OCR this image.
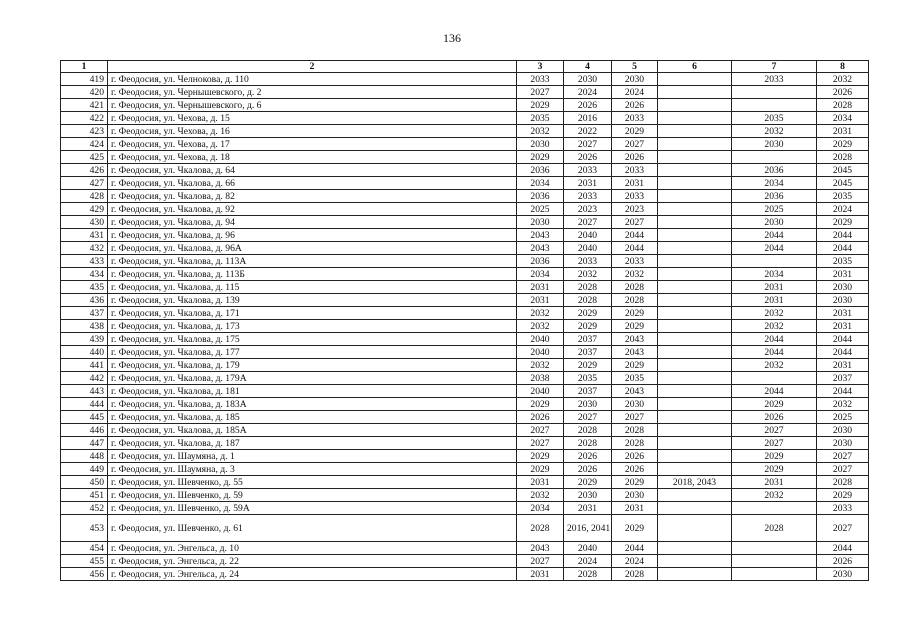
136
1	2	3	4	5	6	7	8
419	г. Феодосия, ул. Челнокова, д. 110	2033	2030	2030		2033	2032
420	г. Феодосия, ул. Чернышевского, д. 2	2027	2024	2024			2026
421	г. Феодосия, ул. Чернышевского, д. 6	2029	2026	2026			2028
422	г. Феодосия, ул. Чехова, д. 15	2035	2016	2033		2035	2034
423	г. Феодосия, ул. Чехова, д. 16	2032	2022	2029		2032	2031
424	г. Феодосия, ул. Чехова, д. 17	2030	2027	2027		2030	2029
425	г. Феодосия, ул. Чехова, д. 18	2029	2026	2026			2028
426	г. Феодосия, ул. Чкалова, д. 64	2036	2033	2033		2036	2045
427	г. Феодосия, ул. Чкалова, д. 66	2034	2031	2031		2034	2045
428	г. Феодосия, ул. Чкалова, д. 82	2036	2033	2033		2036	2035
429	г. Феодосия, ул. Чкалова, д. 92	2025	2023	2023		2025	2024
430	г. Феодосия, ул. Чкалова, д. 94	2030	2027	2027		2030	2029
431	г. Феодосия, ул. Чкалова, д. 96	2043	2040	2044		2044	2044
432	г. Феодосия, ул. Чкалова, д. 96А	2043	2040	2044		2044	2044
433	г. Феодосия, ул. Чкалова, д. 113А	2036	2033	2033			2035
434	г. Феодосия, ул. Чкалова, д. 113Б	2034	2032	2032		2034	2031
435	г. Феодосия, ул. Чкалова, д. 115	2031	2028	2028		2031	2030
436	г. Феодосия, ул. Чкалова, д. 139	2031	2028	2028		2031	2030
437	г. Феодосия, ул. Чкалова, д. 171	2032	2029	2029		2032	2031
438	г. Феодосия, ул. Чкалова, д. 173	2032	2029	2029		2032	2031
439	г. Феодосия, ул. Чкалова, д. 175	2040	2037	2043		2044	2044
440	г. Феодосия, ул. Чкалова, д. 177	2040	2037	2043		2044	2044
441	г. Феодосия, ул. Чкалова, д. 179	2032	2029	2029		2032	2031
442	г. Феодосия, ул. Чкалова, д. 179А	2038	2035	2035			2037
443	г. Феодосия, ул. Чкалова, д. 181	2040	2037	2043		2044	2044
444	г. Феодосия, ул. Чкалова, д. 183А	2029	2030	2030		2029	2032
445	г. Феодосия, ул. Чкалова, д. 185	2026	2027	2027		2026	2025
446	г. Феодосия, ул. Чкалова, д. 185А	2027	2028	2028		2027	2030
447	г. Феодосия, ул. Чкалова, д. 187	2027	2028	2028		2027	2030
448	г. Феодосия, ул. Шаумяна, д. 1	2029	2026	2026		2029	2027
449	г. Феодосия, ул. Шаумяна, д. 3	2029	2026	2026		2029	2027
450	г. Феодосия, ул. Шевченко, д. 55	2031	2029	2029	2018, 2043	2031	2028
451	г. Феодосия, ул. Шевченко, д. 59	2032	2030	2030		2032	2029
452	г. Феодосия, ул. Шевченко, д. 59А	2034	2031	2031			2033
453	г. Феодосия, ул. Шевченко, д. 61	2028	2016, 2041	2029		2028	2027
454	г. Феодосия, ул. Энгельса, д. 10	2043	2040	2044			2044
455	г. Феодосия, ул. Энгельса, д. 22	2027	2024	2024			2026
456	г. Феодосия, ул. Энгельса, д. 24	2031	2028	2028			2030
